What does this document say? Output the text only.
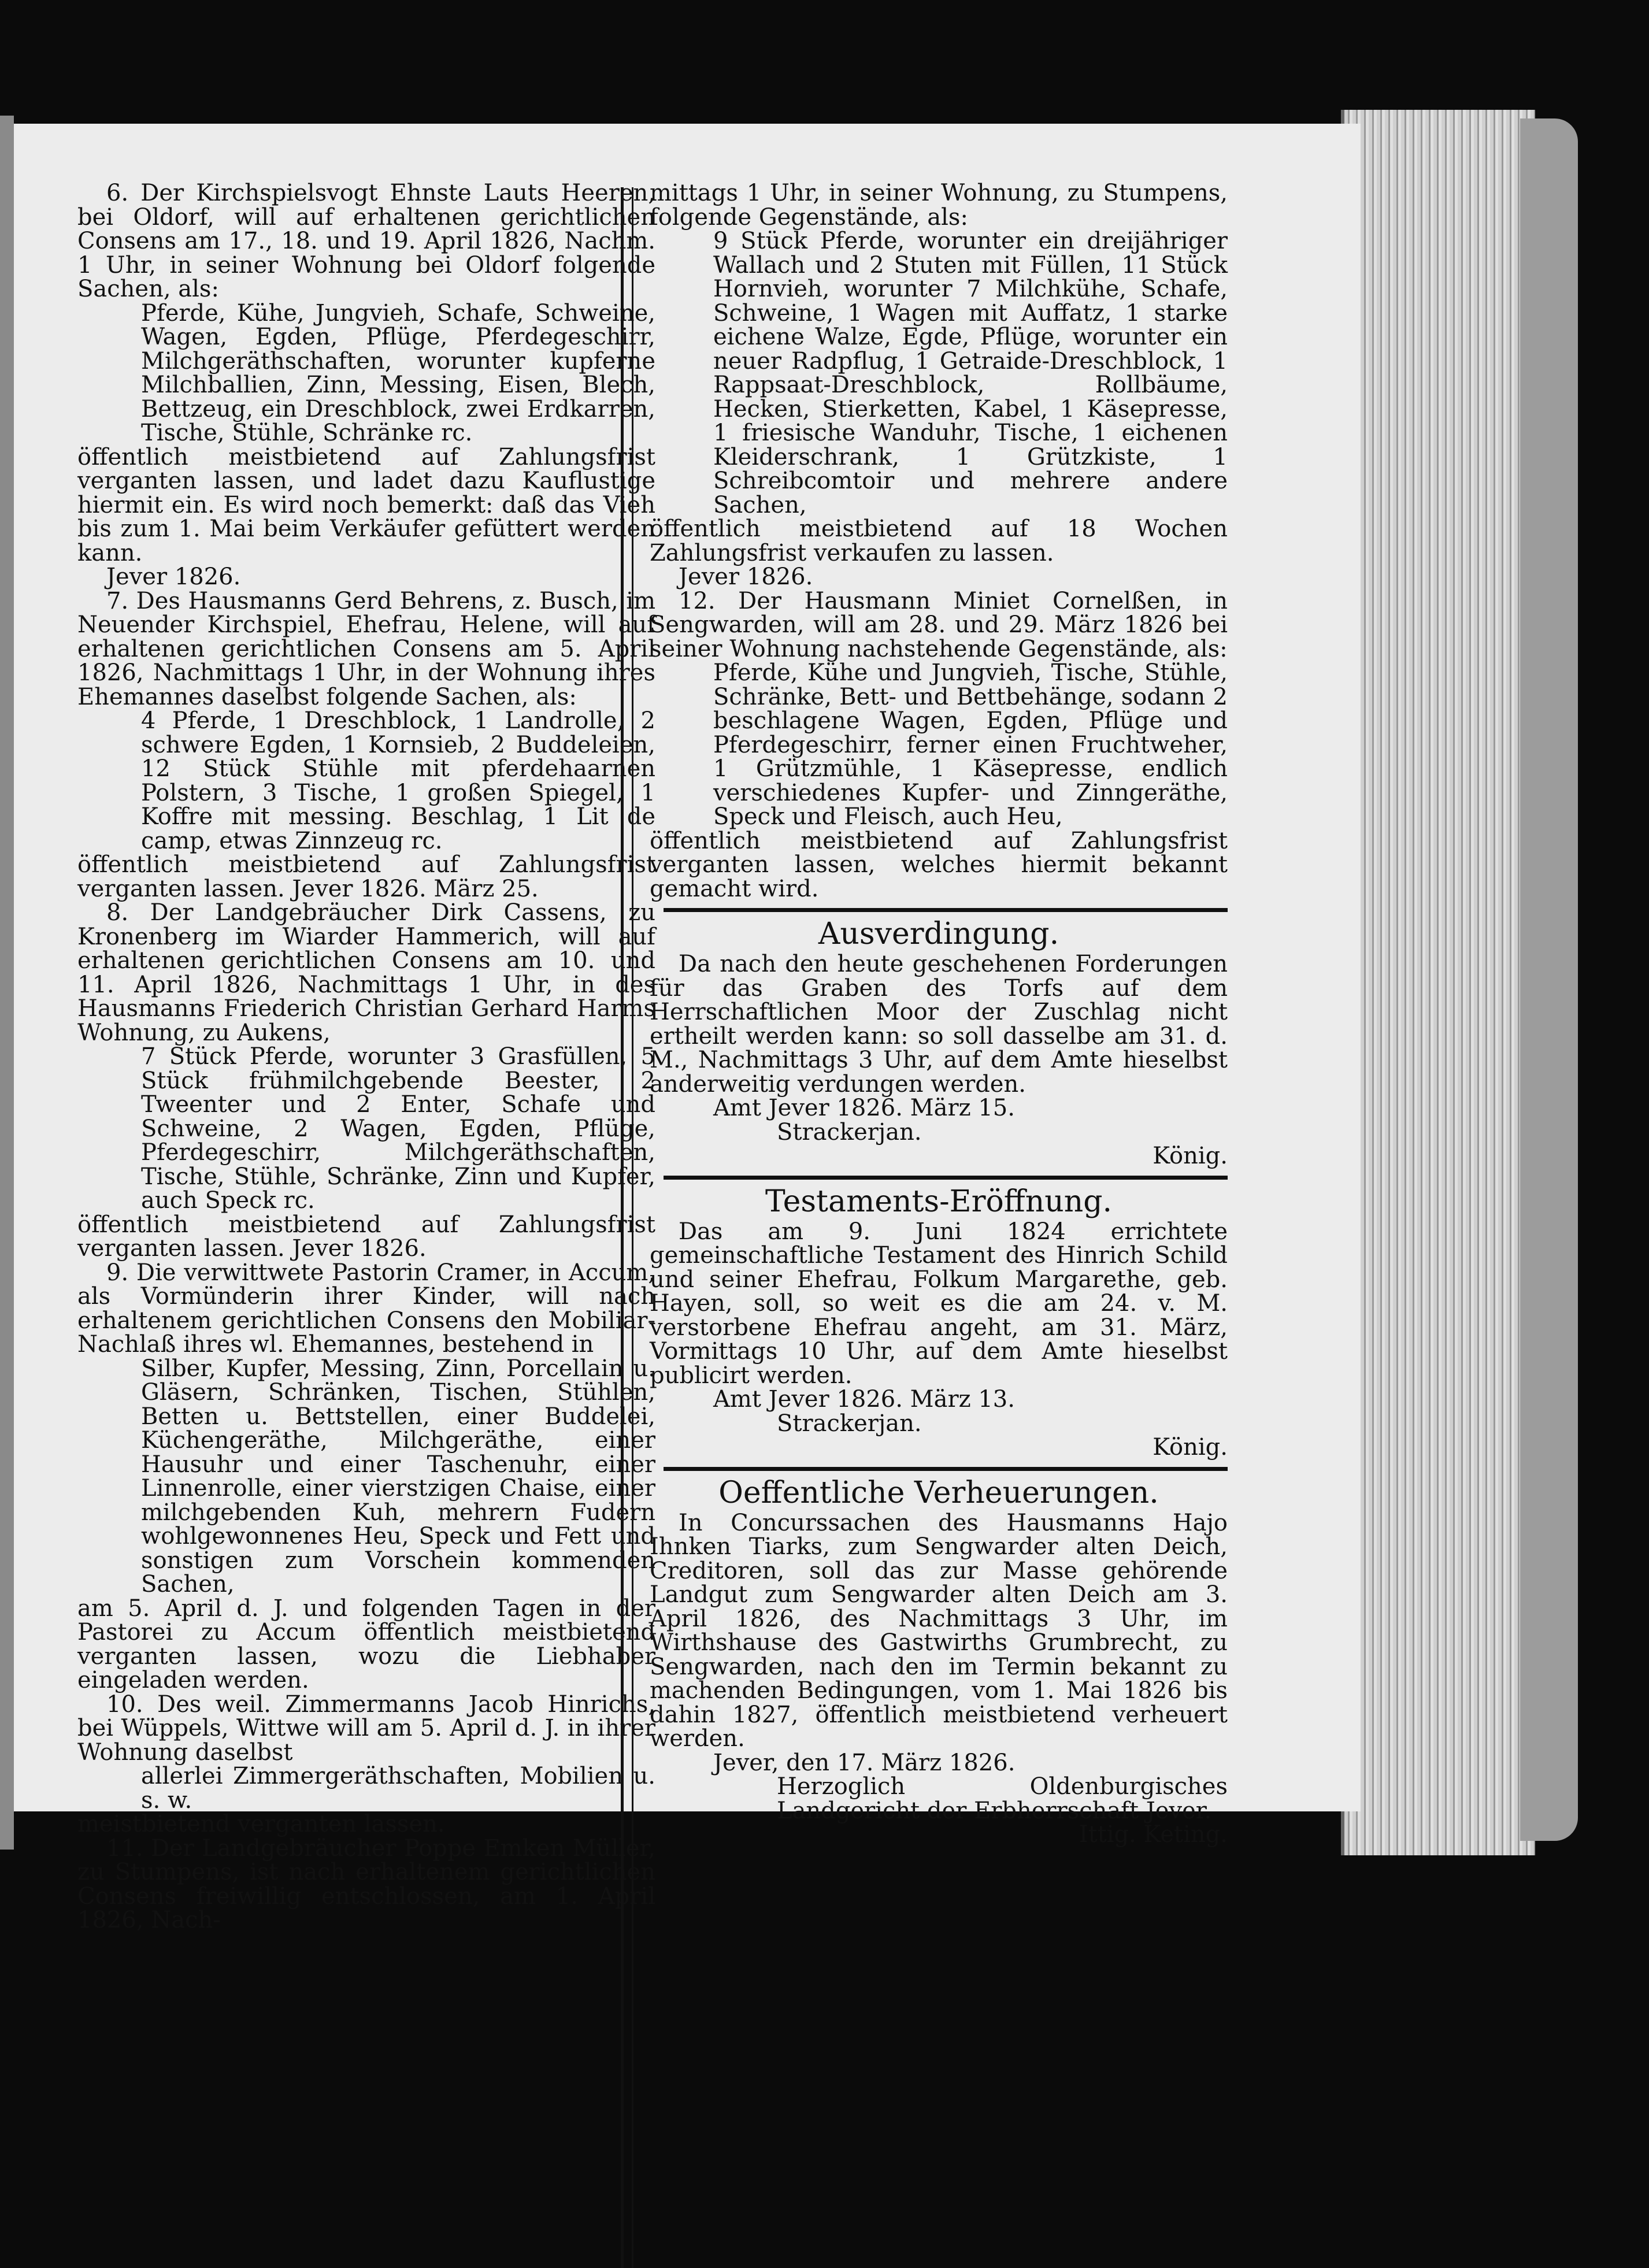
6. Der Kirchspielsvogt Ehnste Lauts Heeren, bei Oldorf, will auf erhaltenen gerichtlichen Consens am 17., 18. und 19. April 1826, Nachm. 1 Uhr, in seiner Wohnung bei Oldorf folgende Sachen, als:

Pferde, Kühe, Jungvieh, Schafe, Schweine, Wagen, Egden, Pflüge, Pferdegeschirr, Milchgeräthschaften, worunter kupferne Milchballien, Zinn, Messing, Eisen, Blech, Bettzeug, ein Dreschblock, zwei Erdkarren, Tische, Stühle, Schränke rc.

öffentlich meistbietend auf Zahlungsfrist verganten lassen, und ladet dazu Kauflustige hiermit ein. Es wird noch bemerkt: daß das Vieh bis zum 1. Mai beim Verkäufer gefüttert werden kann.

Jever 1826.

7. Des Hausmanns Gerd Behrens, z. Busch, im Neuender Kirchspiel, Ehefrau, Helene, will auf erhaltenen gerichtlichen Consens am 5. April 1826, Nachmittags 1 Uhr, in der Wohnung ihres Ehemannes daselbst folgende Sachen, als:

4 Pferde, 1 Dreschblock, 1 Landrolle, 2 schwere Egden, 1 Kornsieb, 2 Buddeleien, 12 Stück Stühle mit pferdehaarnen Polstern, 3 Tische, 1 großen Spiegel, 1 Koffre mit messing. Beschlag, 1 Lit de camp, etwas Zinnzeug rc.

öffentlich meistbietend auf Zahlungsfrist verganten lassen. Jever 1826. März 25.

8. Der Landgebräucher Dirk Cassens, zu Kronenberg im Wiarder Hammerich, will auf erhaltenen gerichtlichen Consens am 10. und 11. April 1826, Nachmittags 1 Uhr, in des Hausmanns Friederich Christian Gerhard Harms Wohnung, zu Aukens,

7 Stück Pferde, worunter 3 Grasfüllen, 5 Stück frühmilchgebende Beester, 2 Tweenter und 2 Enter, Schafe und Schweine, 2 Wagen, Egden, Pflüge, Pferdegeschirr, Milchgeräthschaften, Tische, Stühle, Schränke, Zinn und Kupfer, auch Speck rc.

öffentlich meistbietend auf Zahlungsfrist verganten lassen. Jever 1826.

9. Die verwittwete Pastorin Cramer, in Accum, als Vormünderin ihrer Kinder, will nach erhaltenem gerichtlichen Consens den Mobiliar-Nachlaß ihres wl. Ehemannes, bestehend in

Silber, Kupfer, Messing, Zinn, Porcellain u. Gläsern, Schränken, Tischen, Stühlen, Betten u. Bettstellen, einer Buddelei, Küchengeräthe, Milchgeräthe, einer Hausuhr und einer Taschenuhr, einer Linnenrolle, einer vierstzigen Chaise, einer milchgebenden Kuh, mehrern Fudern wohlgewonnenes Heu, Speck und Fett und sonstigen zum Vorschein kommenden Sachen,

am 5. April d. J. und folgenden Tagen in der Pastorei zu Accum öffentlich meistbietend verganten lassen, wozu die Liebhaber eingeladen werden.

10. Des weil. Zimmermanns Jacob Hinrichs, bei Wüppels, Wittwe will am 5. April d. J. in ihrer Wohnung daselbst

allerlei Zimmergeräthschaften, Mobilien u. s. w.

meistbietend verganten lassen.

11. Der Landgebräucher Poppe Emken Müller, zu Stumpens, ist nach erhaltenem gerichtlichen Consens freiwillig entschlossen, am 1. April 1826, Nach-

mittags 1 Uhr, in seiner Wohnung, zu Stumpens, folgende Gegenstände, als:

9 Stück Pferde, worunter ein dreijähriger Wallach und 2 Stuten mit Füllen, 11 Stück Hornvieh, worunter 7 Milchkühe, Schafe, Schweine, 1 Wagen mit Auffatz, 1 starke eichene Walze, Egde, Pflüge, worunter ein neuer Radpflug, 1 Getraide-Dreschblock, 1 Rappsaat-Dreschblock, Rollbäume, Hecken, Stierketten, Kabel, 1 Käsepresse, 1 friesische Wanduhr, Tische, 1 eichenen Kleiderschrank, 1 Grützkiste, 1 Schreibcomtoir und mehrere andere Sachen,

öffentlich meistbietend auf 18 Wochen Zahlungsfrist verkaufen zu lassen.

Jever 1826.

12. Der Hausmann Miniet Cornelßen, in Sengwarden, will am 28. und 29. März 1826 bei seiner Wohnung nachstehende Gegenstände, als:

Pferde, Kühe und Jungvieh, Tische, Stühle, Schränke, Bett- und Bettbehänge, sodann 2 beschlagene Wagen, Egden, Pflüge und Pferdegeschirr, ferner einen Fruchtweher, 1 Grützmühle, 1 Käsepresse, endlich verschiedenes Kupfer- und Zinngeräthe, Speck und Fleisch, auch Heu,

öffentlich meistbietend auf Zahlungsfrist verganten lassen, welches hiermit bekannt gemacht wird.

Ausverdingung.

Da nach den heute geschehenen Forderungen für das Graben des Torfs auf dem Herrschaftlichen Moor der Zuschlag nicht ertheilt werden kann: so soll dasselbe am 31. d. M., Nachmittags 3 Uhr, auf dem Amte hieselbst anderweitig verdungen werden.

Amt Jever 1826. März 15.

Strackerjan.

König.

Testaments-Eröffnung.

Das am 9. Juni 1824 errichtete gemeinschaftliche Testament des Hinrich Schild und seiner Ehefrau, Folkum Margarethe, geb. Hayen, soll, so weit es die am 24. v. M. verstorbene Ehefrau angeht, am 31. März, Vormittags 10 Uhr, auf dem Amte hieselbst publicirt werden.

Amt Jever 1826. März 13.

Strackerjan.

König.

Oeffentliche Verheuerungen.

In Concurssachen des Hausmanns Hajo Ihnken Tiarks, zum Sengwarder alten Deich, Creditoren, soll das zur Masse gehörende Landgut zum Sengwarder alten Deich am 3. April 1826, des Nachmittags 3 Uhr, im Wirthshause des Gastwirths Grumbrecht, zu Sengwarden, nach den im Termin bekannt zu machenden Bedingungen, vom 1. Mai 1826 bis dahin 1827, öffentlich meistbietend verheuert werden.

Jever, den 17. März 1826.

Herzoglich Oldenburgisches Landgericht der Erbherrschaft Jever.

Ittig. Keting.
